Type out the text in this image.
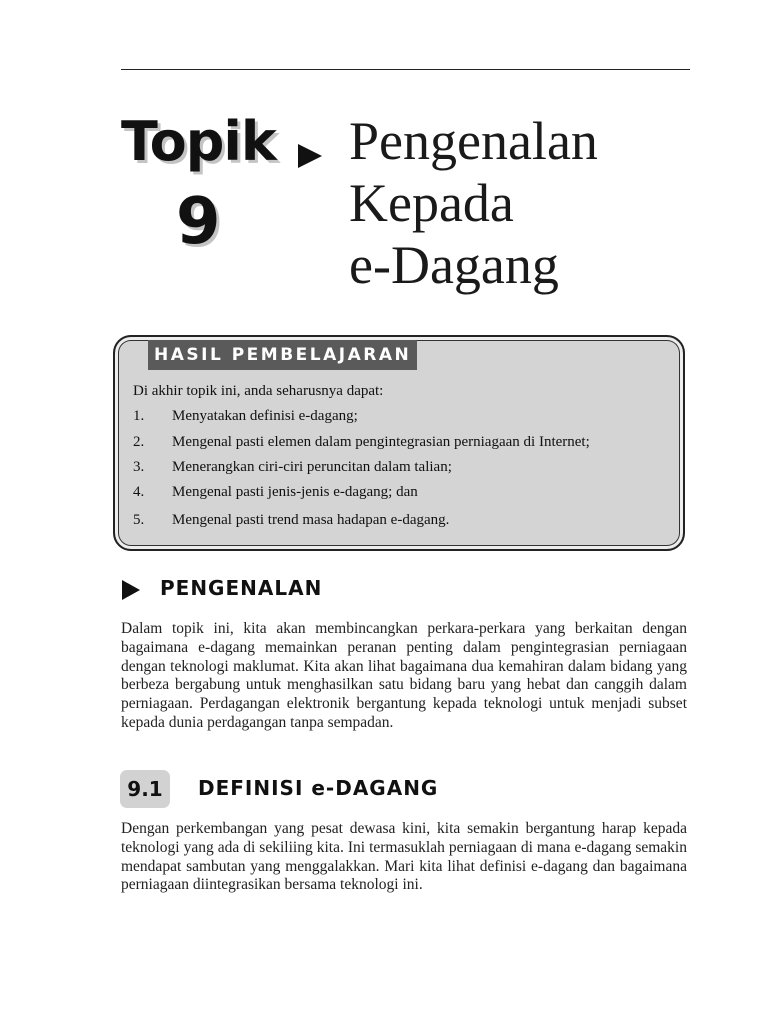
Topik
9
Pengenalan
Kepada
e-Dagang
HASIL PEMBELAJARAN
Di akhir topik ini, anda seharusnya dapat:
1. Menyatakan definisi e-dagang;
2. Mengenal pasti elemen dalam pengintegrasian perniagaan di Internet;
3. Menerangkan ciri-ciri peruncitan dalam talian;
4. Mengenal pasti jenis-jenis e-dagang; dan
5. Mengenal pasti trend masa hadapan e-dagang.
PENGENALAN
Dalam topik ini, kita akan membincangkan perkara-perkara yang berkaitan dengan bagaimana e-dagang memainkan peranan penting dalam pengintegrasian perniagaan dengan teknologi maklumat. Kita akan lihat bagaimana dua kemahiran dalam bidang yang berbeza bergabung untuk menghasilkan satu bidang baru yang hebat dan canggih dalam perniagaan. Perdagangan elektronik bergantung kepada teknologi untuk menjadi subset kepada dunia perdagangan tanpa sempadan.
9.1	DEFINISI e-DAGANG
Dengan perkembangan yang pesat dewasa kini, kita semakin bergantung harap kepada teknologi yang ada di sekiliing kita. Ini termasuklah perniagaan di mana e-dagang semakin mendapat sambutan yang menggalakkan. Mari kita lihat definisi e-dagang dan bagaimana perniagaan diintegrasikan bersama teknologi ini.
